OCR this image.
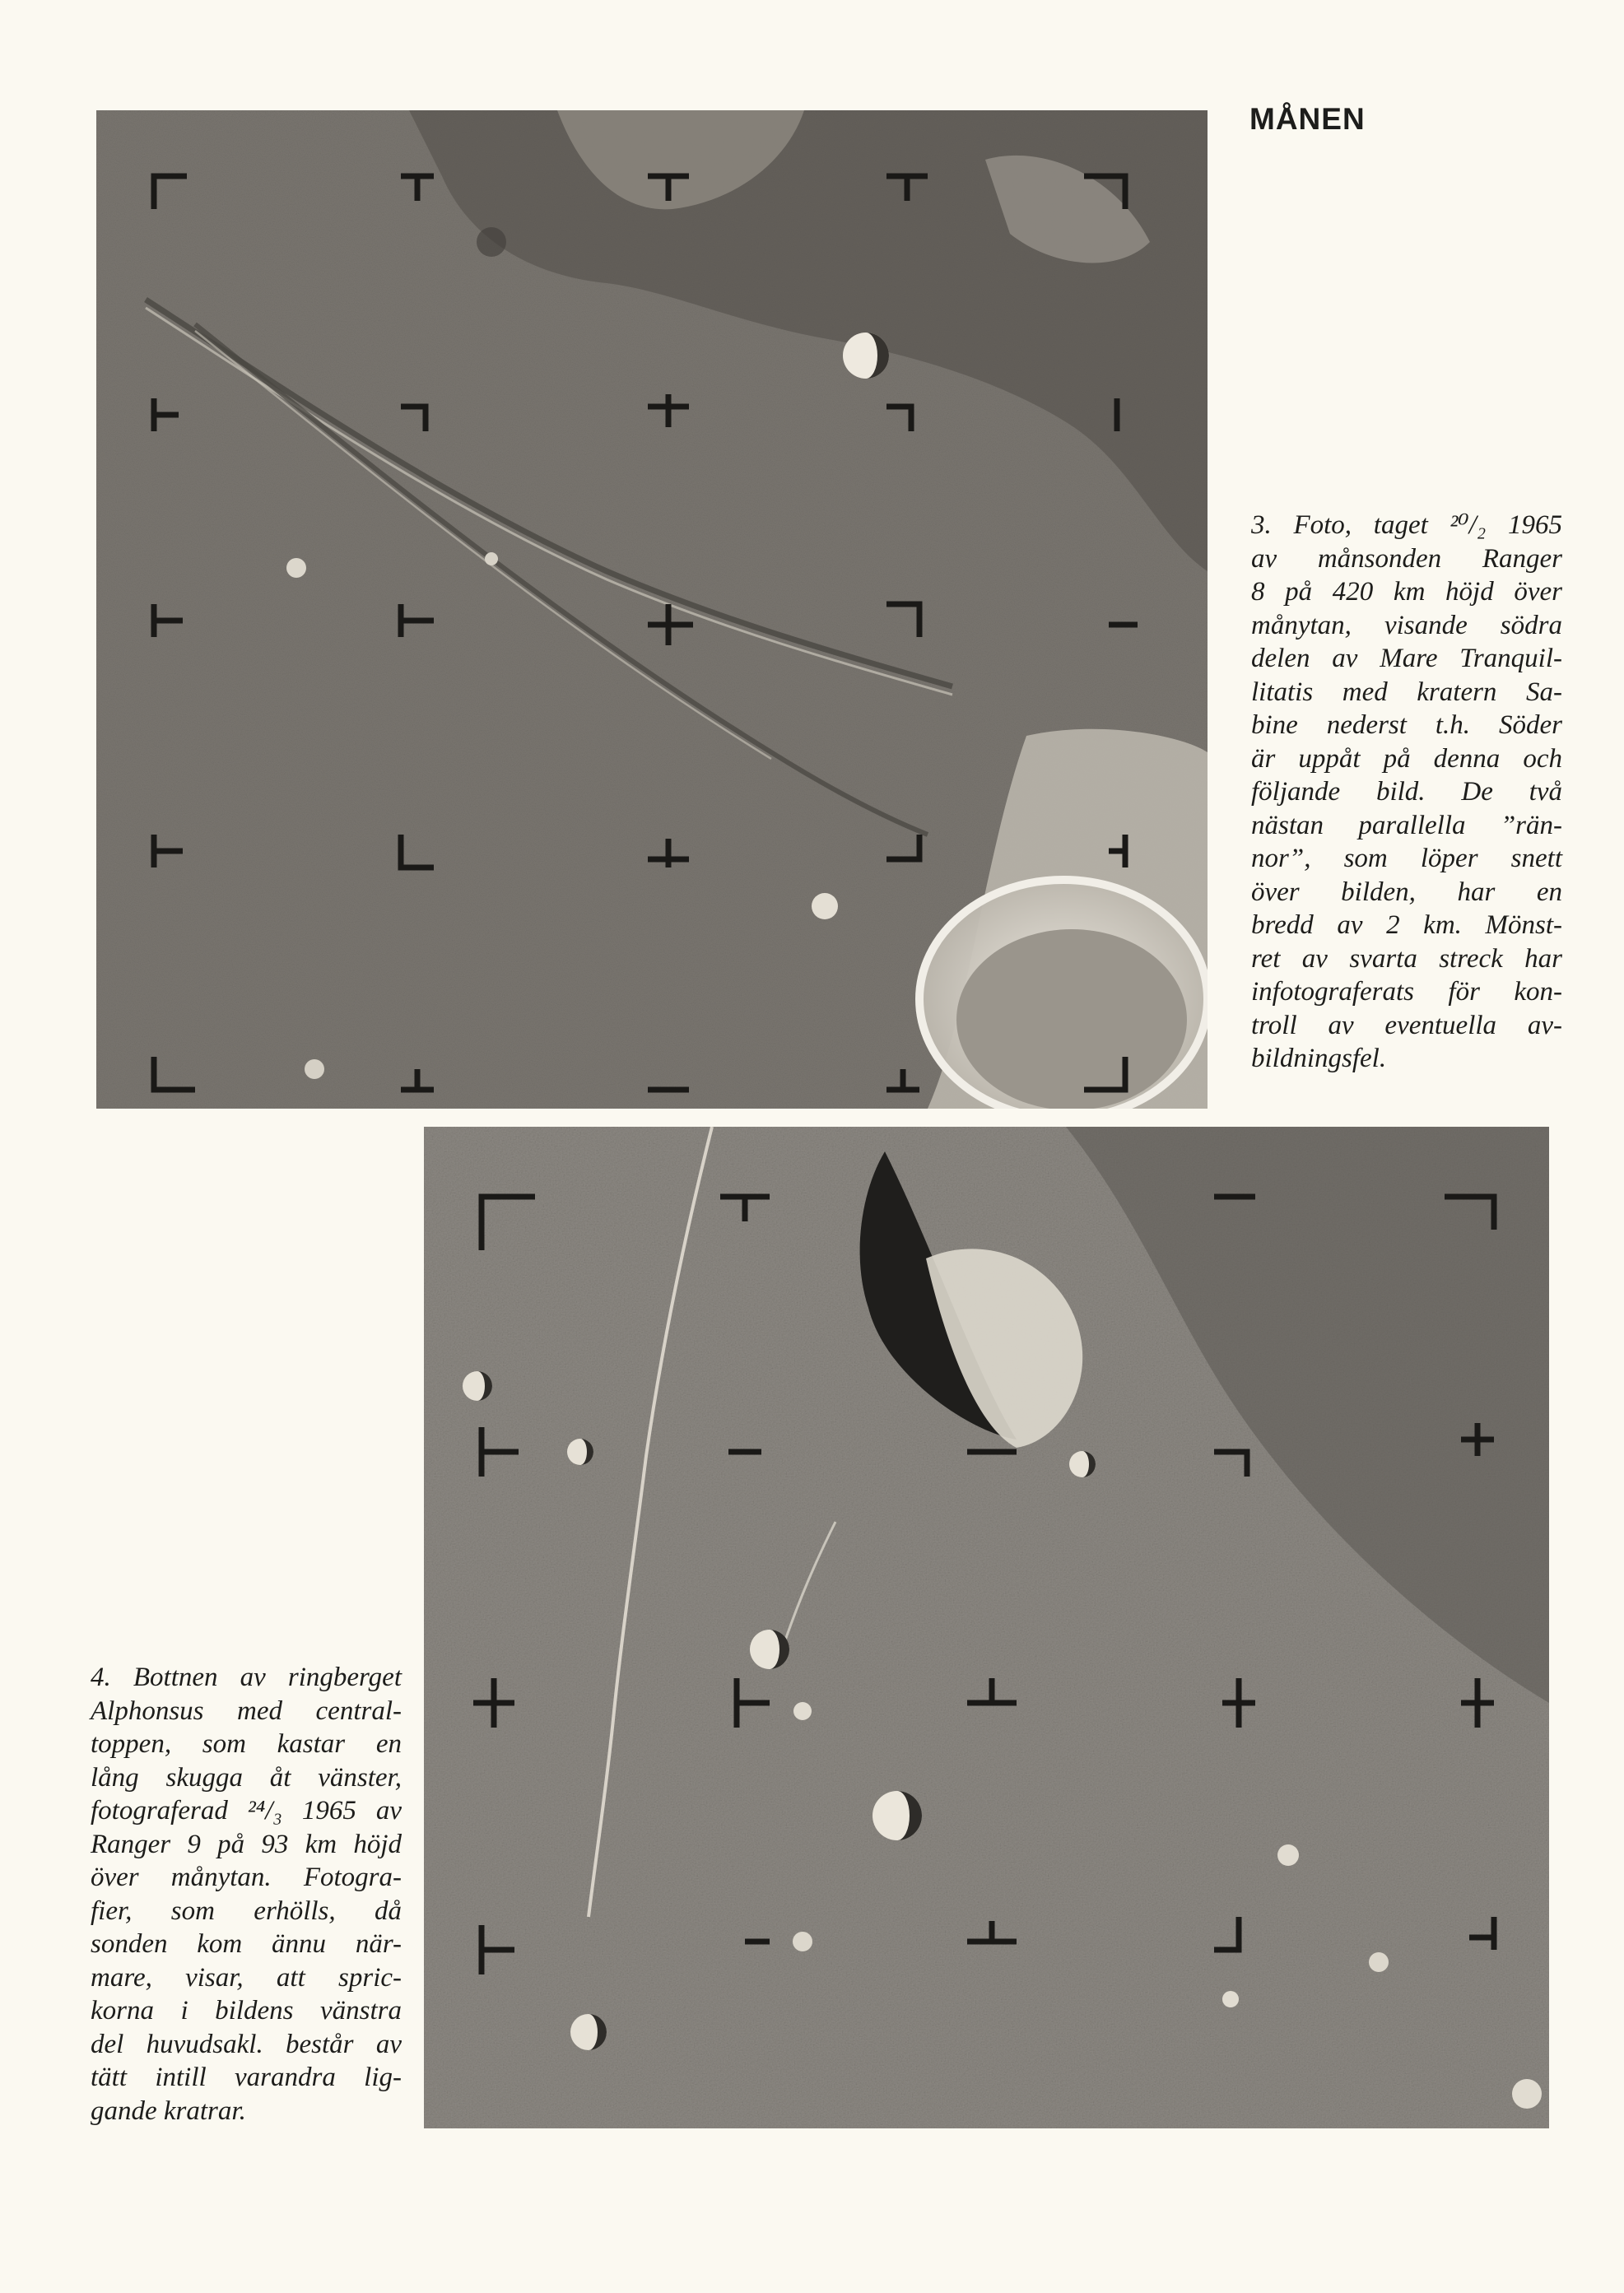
MÅNEN
3. Foto, taget ²⁰/₂ 1965
av månsonden Ranger
8 på 420 km höjd över
månytan, visande södra
delen av Mare Tranquil-
litatis med kratern Sa-
bine nederst t.h. Söder
är uppåt på denna och
följande bild. De två
nästan parallella ”rän-
nor”, som löper snett
över bilden, har en
bredd av 2 km. Mönst-
ret av svarta streck har
infotograferats för kon-
troll av eventuella av-
bildningsfel.
4. Bottnen av ringberget
Alphonsus med central-
toppen, som kastar en
lång skugga åt vänster,
fotograferad ²⁴/₃ 1965 av
Ranger 9 på 93 km höjd
över månytan. Fotogra-
fier, som erhölls, då
sonden kom ännu när-
mare, visar, att spric-
korna i bildens vänstra
del huvudsakl. består av
tätt intill varandra lig-
gande kratrar.
